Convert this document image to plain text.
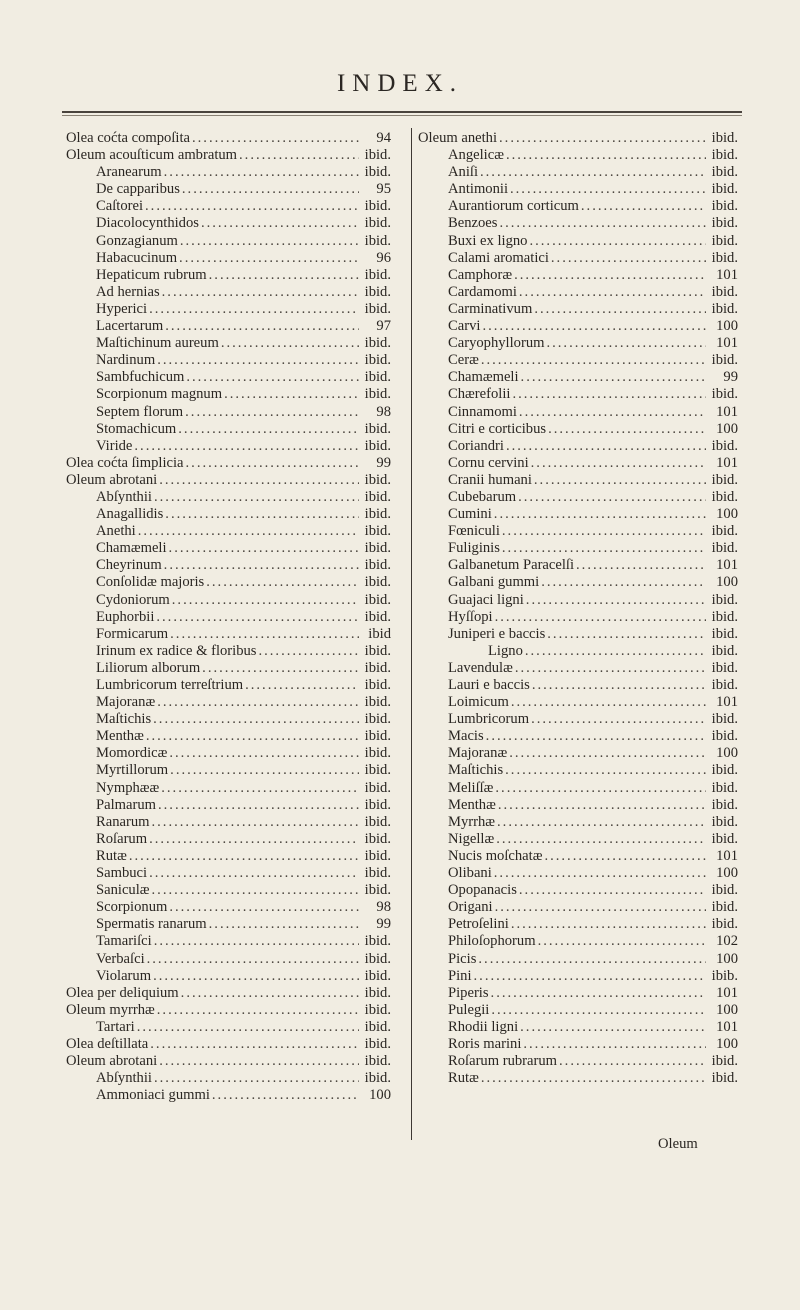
INDEX.
Olea coćta compoſita .....	94
Oleum acouſticum ambratum .....	ibid.
Aranearum .....	ibid.
De capparibus .....	95
Caſtorei .....	ibid.
Diacolocynthidos .....	ibid.
Gonzagianum .....	ibid.
Habacucinum .....	96
Hepaticum rubrum .....	ibid.
Ad hernias .....	ibid.
Hyperici .....	ibid.
Lacertarum .....	97
Maſtichinum aureum .....	ibid.
Nardinum .....	ibid.
Sambfuchicum .....	ibid.
Scorpionum magnum .....	ibid.
Septem florum .....	98
Stomachicum .....	ibid.
Viride .....	ibid.
Olea coćta ſimplicia .....	99
Oleum abrotani .....	ibid.
Abſynthii .....	ibid.
Anagallidis .....	ibid.
Anethi .....	ibid.
Chamæmeli .....	ibid.
Cheyrinum .....	ibid.
Conſolidæ majoris .....	ibid.
Cydoniorum .....	ibid.
Euphorbii .....	ibid.
Formicarum .....	ibid
Irinum ex radice & floribus .....	ibid.
Liliorum alborum .....	ibid.
Lumbricorum terreſtrium .....	ibid.
Majoranæ .....	ibid.
Maſtichis .....	ibid.
Menthæ .....	ibid.
Momordicæ .....	ibid.
Myrtillorum .....	ibid.
Nymphææ .....	ibid.
Palmarum .....	ibid.
Ranarum .....	ibid.
Roſarum .....	ibid.
Rutæ .....	ibid.
Sambuci .....	ibid.
Saniculæ .....	ibid.
Scorpionum .....	98
Spermatis ranarum .....	99
Tamariſci .....	ibid.
Verbaſci .....	ibid.
Violarum .....	ibid.
Olea per deliquium .....	ibid.
Oleum myrrhæ .....	ibid.
Tartari .....	ibid.
Olea deſtillata .....	ibid.
Oleum abrotani .....	ibid.
Abſynthii .....	ibid.
Ammoniaci gummi .....	100
Oleum anethi .....	ibid.
Angelicæ .....	ibid.
Aniſi .....	ibid.
Antimonii .....	ibid.
Aurantiorum corticum .....	ibid.
Benzoes .....	ibid.
Buxi ex ligno .....	ibid.
Calami aromatici .....	ibid.
Camphoræ .....	101
Cardamomi .....	ibid.
Carminativum .....	ibid.
Carvi .....	100
Caryophyllorum .....	101
Ceræ .....	ibid.
Chamæmeli .....	99
Chærefolii .....	ibid.
Cinnamomi .....	101
Citri e corticibus .....	100
Coriandri .....	ibid.
Cornu cervini .....	101
Cranii humani .....	ibid.
Cubebarum .....	ibid.
Cumini .....	100
Fœniculi .....	ibid.
Fuliginis .....	ibid.
Galbanetum Paracelſi .....	101
Galbani gummi .....	100
Guajaci ligni .....	ibid.
Hyſſopi .....	ibid.
Juniperi e baccis .....	ibid.
Ligno .....	ibid.
Lavendulæ .....	ibid.
Lauri e baccis .....	ibid.
Loimicum .....	101
Lumbricorum .....	ibid.
Macis .....	ibid.
Majoranæ .....	100
Maſtichis .....	ibid.
Meliſſæ .....	ibid.
Menthæ .....	ibid.
Myrrhæ .....	ibid.
Nigellæ .....	ibid.
Nucis moſchatæ .....	101
Olibani .....	100
Opopanacis .....	ibid.
Origani .....	ibid.
Petroſelini .....	ibid.
Philoſophorum .....	102
Picis .....	100
Pini .....	ibib.
Piperis .....	101
Pulegii .....	100
Rhodii ligni .....	101
Roris marini .....	100
Roſarum rubrarum .....	ibid.
Rutæ .....	ibid.
Oleum
